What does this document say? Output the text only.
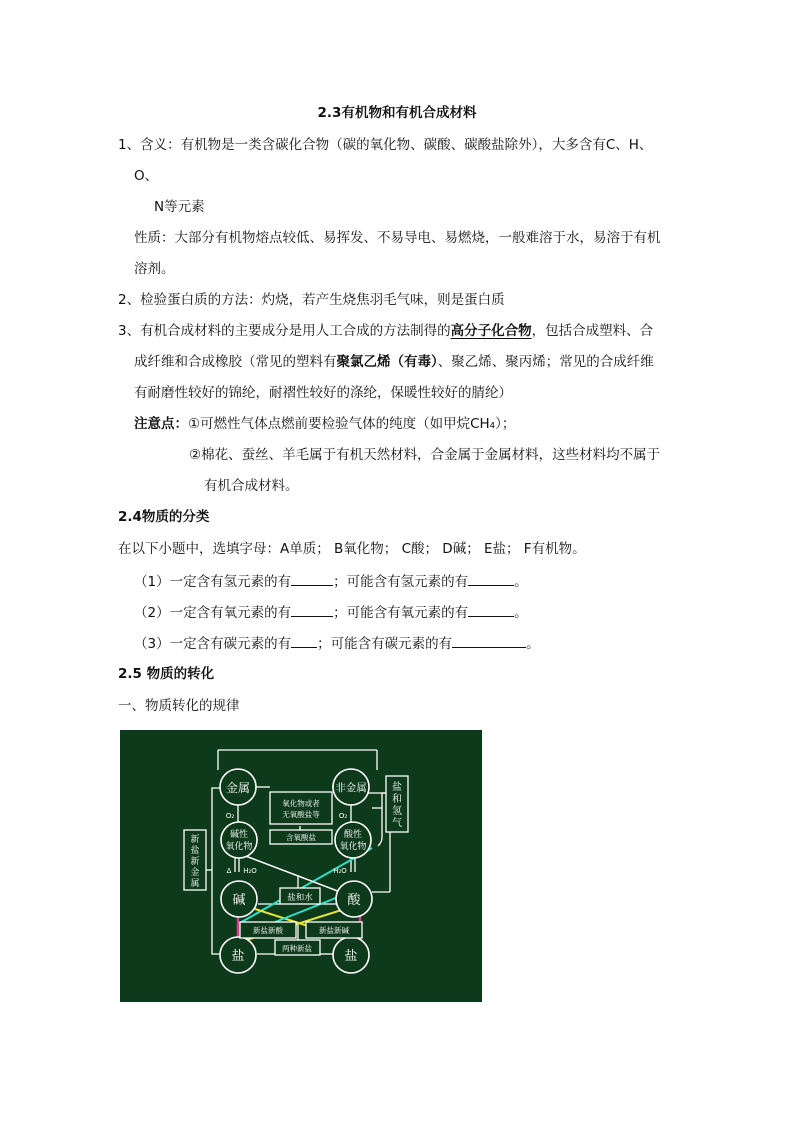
2.3有机物和有机合成材料
1、含义：有机物是一类含碳化合物（碳的氧化物、碳酸、碳酸盐除外），大多含有C、H、
O、
N等元素
性质：大部分有机物熔点较低、易挥发、不易导电、易燃烧，一般难溶于水，易溶于有机
溶剂。
2、检验蛋白质的方法：灼烧，若产生烧焦羽毛气味，则是蛋白质
3、有机合成材料的主要成分是用人工合成的方法制得的高分子化合物，包括合成塑料、合
成纤维和合成橡胶（常见的塑料有聚氯乙烯（有毒）、聚乙烯、聚丙烯；常见的合成纤维
有耐磨性较好的锦纶，耐褶性较好的涤纶，保暖性较好的腈纶）
注意点：①可燃性气体点燃前要检验气体的纯度（如甲烷CH₄）；
②棉花、蚕丝、羊毛属于有机天然材料，合金属于金属材料，这些材料均不属于
有机合成材料。
2.4物质的分类
在以下小题中，选填字母：A单质； B氧化物； C酸； D碱； E盐； F有机物。
（1）一定含有氢元素的有	；可能含有氢元素的有	。
（2）一定含有氧元素的有	；可能含有氧元素的有	。
（3）一定含有碳元素的有 ；可能含有碳元素的有	。
2.5 物质的转化
一、物质转化的规律
金属	非金属
碱性
氧化物
酸性
氧化物
碱	酸
盐	盐
氧化物或者
无氧酸盐等
含氧酸盐
盐和水
新盐新酸	新盐新碱
两种新盐
新
盐
新
金
属
盐
和
氢
气
O₂	O₂
Δ H₂O	H₂O
